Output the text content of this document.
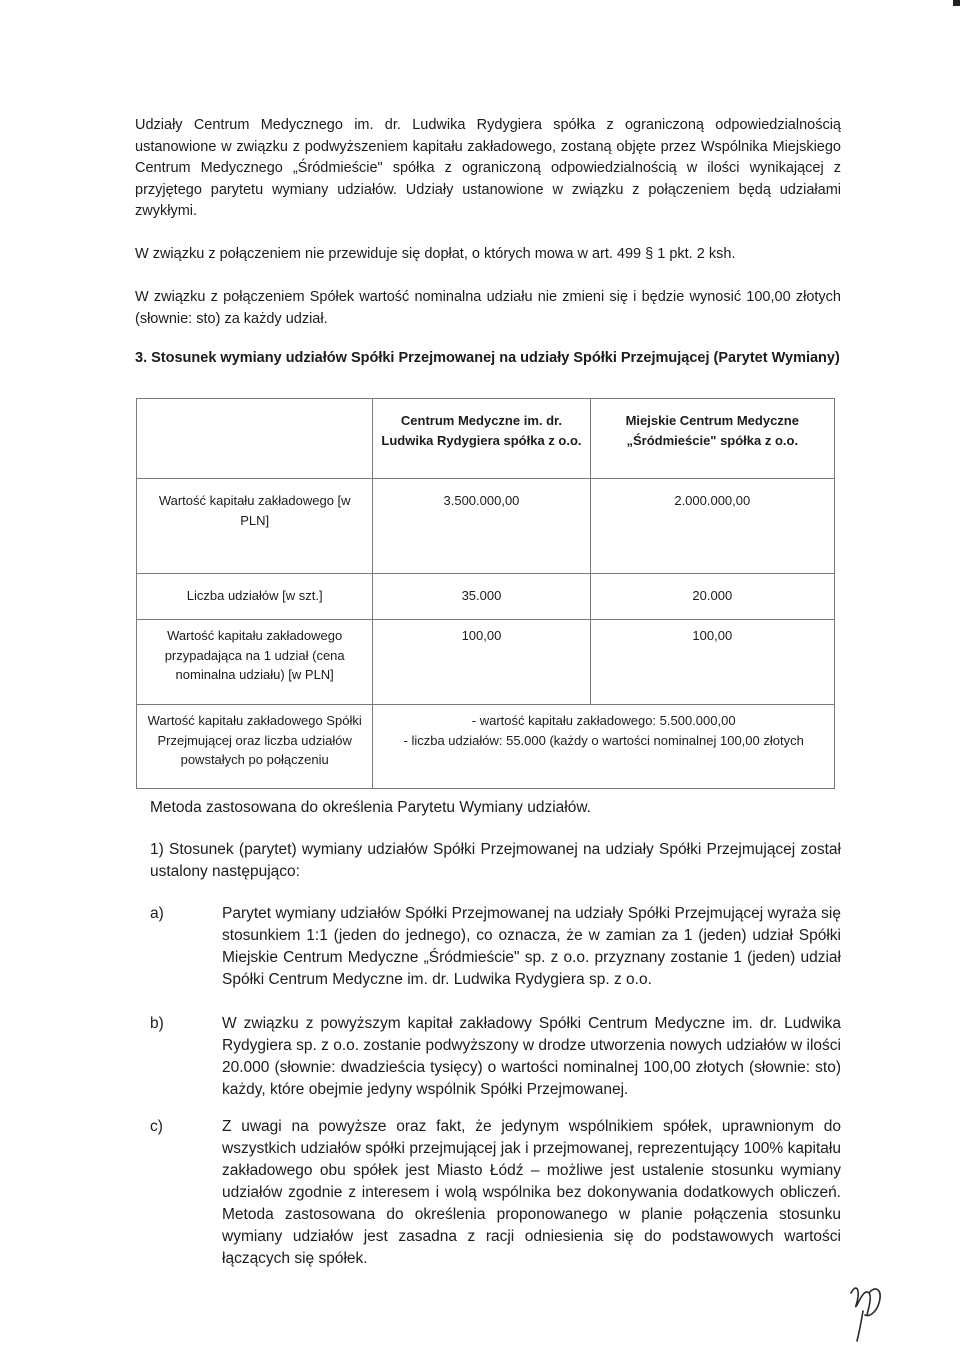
Udziały Centrum Medycznego im. dr. Ludwika Rydygiera spółka z ograniczoną odpowiedzialnością ustanowione w związku z podwyższeniem kapitału zakładowego, zostaną objęte przez Wspólnika Miejskiego Centrum Medycznego „Śródmieście" spółka z ograniczoną odpowiedzialnością w ilości wynikającej z przyjętego parytetu wymiany udziałów. Udziały ustanowione w związku z połączeniem będą udziałami zwykłymi.

W związku z połączeniem nie przewiduje się dopłat, o których mowa w art. 499 § 1 pkt. 2 ksh.

W związku z połączeniem Spółek wartość nominalna udziału nie zmieni się i będzie wynosić 100,00 złotych (słownie: sto) za każdy udział.

3. Stosunek wymiany udziałów Spółki Przejmowanej na udziały Spółki Przejmującej (Parytet Wymiany)

	Centrum Medyczne im. dr. Ludwika Rydygiera spółka z o.o.	Miejskie Centrum Medyczne „Śródmieście" spółka z o.o.
Wartość kapitału zakładowego [w PLN]	3.500.000,00	2.000.000,00
Liczba udziałów [w szt.]	35.000	20.000
Wartość kapitału zakładowego przypadająca na 1 udział (cena nominalna udziału) [w PLN]	100,00	100,00
Wartość kapitału zakładowego Spółki Przejmującej oraz liczba udziałów powstałych po połączeniu	- wartość kapitału zakładowego: 5.500.000,00
- liczba udziałów: 55.000 (każdy o wartości nominalnej 100,00 złotych	

Metoda zastosowana do określenia Parytetu Wymiany udziałów.

1) Stosunek (parytet) wymiany udziałów Spółki Przejmowanej na udziały Spółki Przejmującej został ustalony następująco:

a)	Parytet wymiany udziałów Spółki Przejmowanej na udziały Spółki Przejmującej wyraża się stosunkiem 1:1 (jeden do jednego), co oznacza, że w zamian za 1 (jeden) udział Spółki Miejskie Centrum Medyczne „Śródmieście" sp. z o.o. przyznany zostanie 1 (jeden) udział Spółki Centrum Medyczne im. dr. Ludwika Rydygiera sp. z o.o.

b)	W związku z powyższym kapitał zakładowy Spółki Centrum Medyczne im. dr. Ludwika Rydygiera sp. z o.o. zostanie podwyższony w drodze utworzenia nowych udziałów w ilości 20.000 (słownie: dwadzieścia tysięcy) o wartości nominalnej 100,00 złotych (słownie: sto) każdy, które obejmie jedyny wspólnik Spółki Przejmowanej.

c)	Z uwagi na powyższe oraz fakt, że jedynym wspólnikiem spółek, uprawnionym do wszystkich udziałów spółki przejmującej jak i przejmowanej, reprezentujący 100% kapitału zakładowego obu spółek jest Miasto Łódź – możliwe jest ustalenie stosunku wymiany udziałów zgodnie z interesem i wolą wspólnika bez dokonywania dodatkowych obliczeń. Metoda zastosowana do określenia proponowanego w planie połączenia stosunku wymiany udziałów jest zasadna z racji odniesienia się do podstawowych wartości łączących się spółek.
